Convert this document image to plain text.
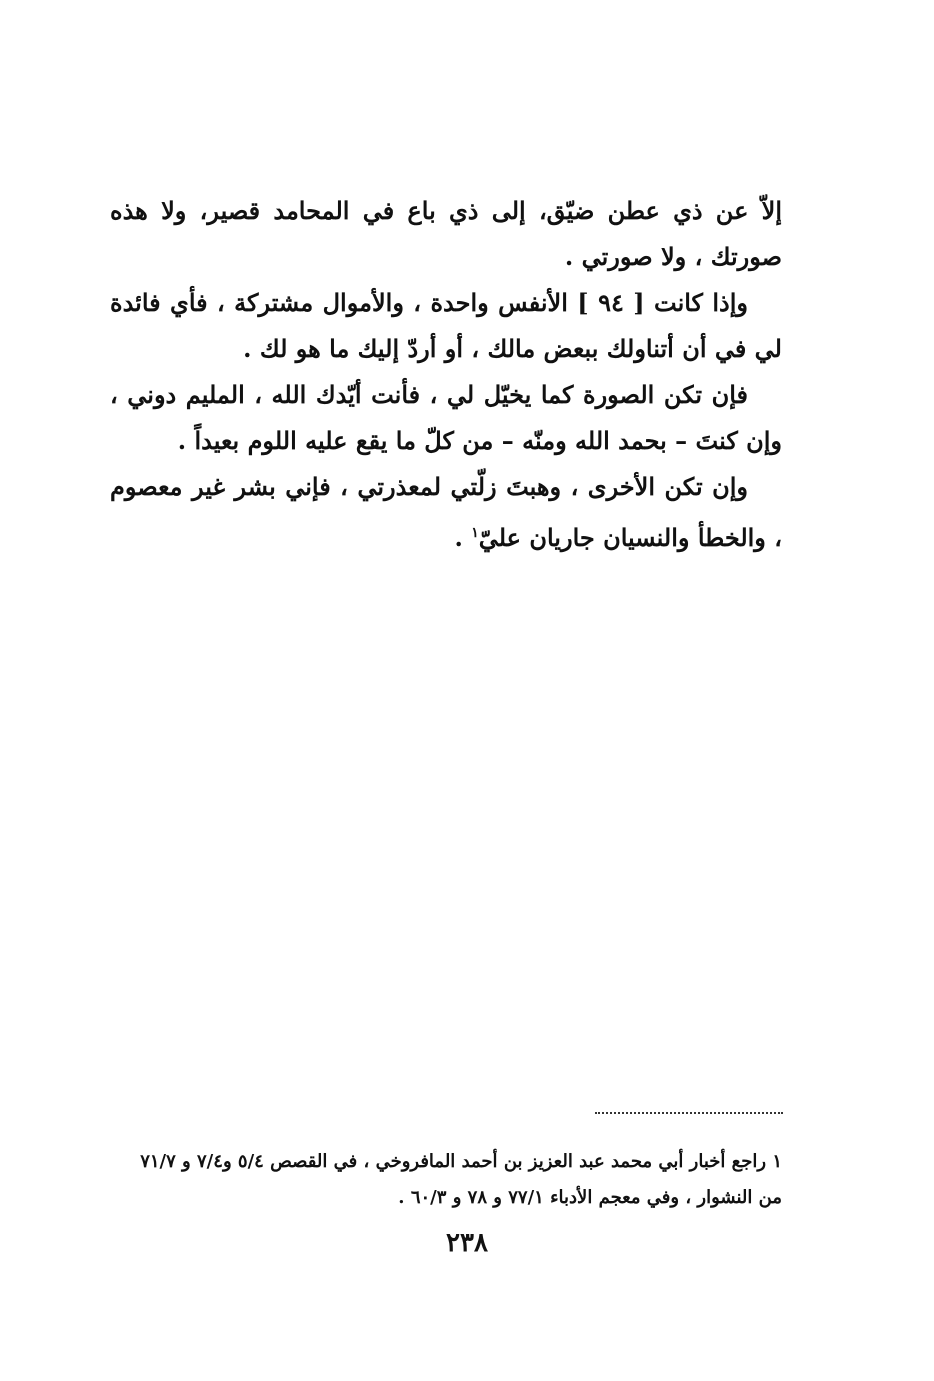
إلاّ عن ذي عطن ضيّق، إلى ذي باع في المحامد قصير، ولا هذه صورتك ، ولا صورتي .

وإذا كانت [ ٩٤ ] الأنفس واحدة ، والأموال مشتركة ، فأي فائدة لي في أن أتناولك ببعض مالك ، أو أردّ إليك ما هو لك .

فإن تكن الصورة كما يخيّل لي ، فأنت أيّدك الله ، المليم دوني ، وإن كنتَ – بحمد الله ومنّه – من كلّ ما يقع عليه اللوم بعيداً .

وإن تكن الأخرى ، وهبتَ زلّتي لمعذرتي ، فإني بشر غير معصوم ، والخطأ والنسيان جاريان عليّ$^١$ .

١ راجع أخبار أبي محمد عبد العزيز بن أحمد المافروخي ، في القصص ٥/٤ و٧/٤ و ٧١/٧

من النشوار ، وفي معجم الأدباء ٧٧/١ و ٧٨ و ٦٠/٣ .

٢٣٨
